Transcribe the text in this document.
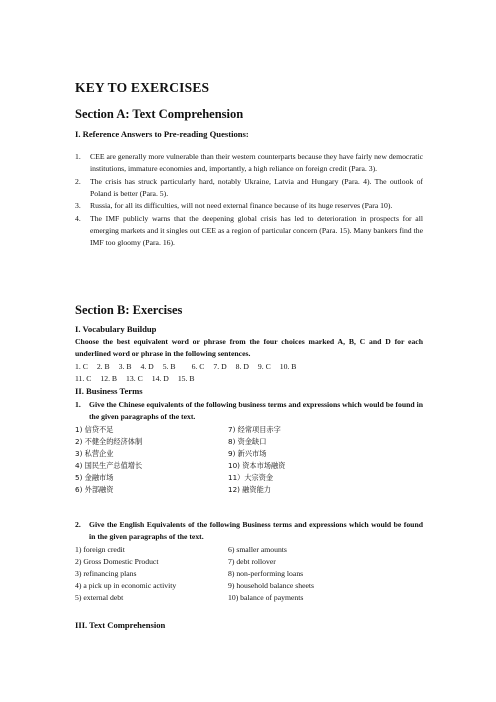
KEY TO EXERCISES
Section A: Text Comprehension
I. Reference Answers to Pre-reading Questions:
1. CEE are generally more vulnerable than their western counterparts because they have fairly new democratic institutions, immature economies and, importantly, a high reliance on foreign credit (Para. 3).
2. The crisis has struck particularly hard, notably Ukraine, Latvia and Hungary (Para. 4). The outlook of Poland is better (Para. 5).
3. Russia, for all its difficulties, will not need external finance because of its huge reserves (Para 10).
4. The IMF publicly warns that the deepening global crisis has led to deterioration in prospects for all emerging markets and it singles out CEE as a region of particular concern (Para. 15). Many bankers find the IMF too gloomy (Para. 16).
Section B: Exercises
I. Vocabulary Buildup
Choose the best equivalent word or phrase from the four choices marked A, B, C and D for each underlined word or phrase in the following sentences.
1. C 2. B 3. B 4. D 5. B 6. C 7. D 8. D 9. C 10. B
11. C 12. B 13. C 14. D 15. B
II. Business Terms
1.	Give the Chinese equivalents of the following business terms and expressions which would be found in the given paragraphs of the text.
1) 信贷不足	7) 经常项目赤字
2) 不健全的经济体制	8) 资金缺口
3) 私营企业	9) 新兴市场
4) 国民生产总值增长	10) 资本市场融资
5) 金融市场	11）大宗资金
6) 外部融资	12) 融资能力
2.	Give the English Equivalents of the following Business terms and expressions which would be found in the given paragraphs of the text.
1) foreign credit	6) smaller amounts
2) Gross Domestic Product	7) debt rollover
3) refinancing plans	8) non-performing loans
4) a pick up in economic activity	9) household balance sheets
5) external debt	10) balance of payments
III. Text Comprehension
